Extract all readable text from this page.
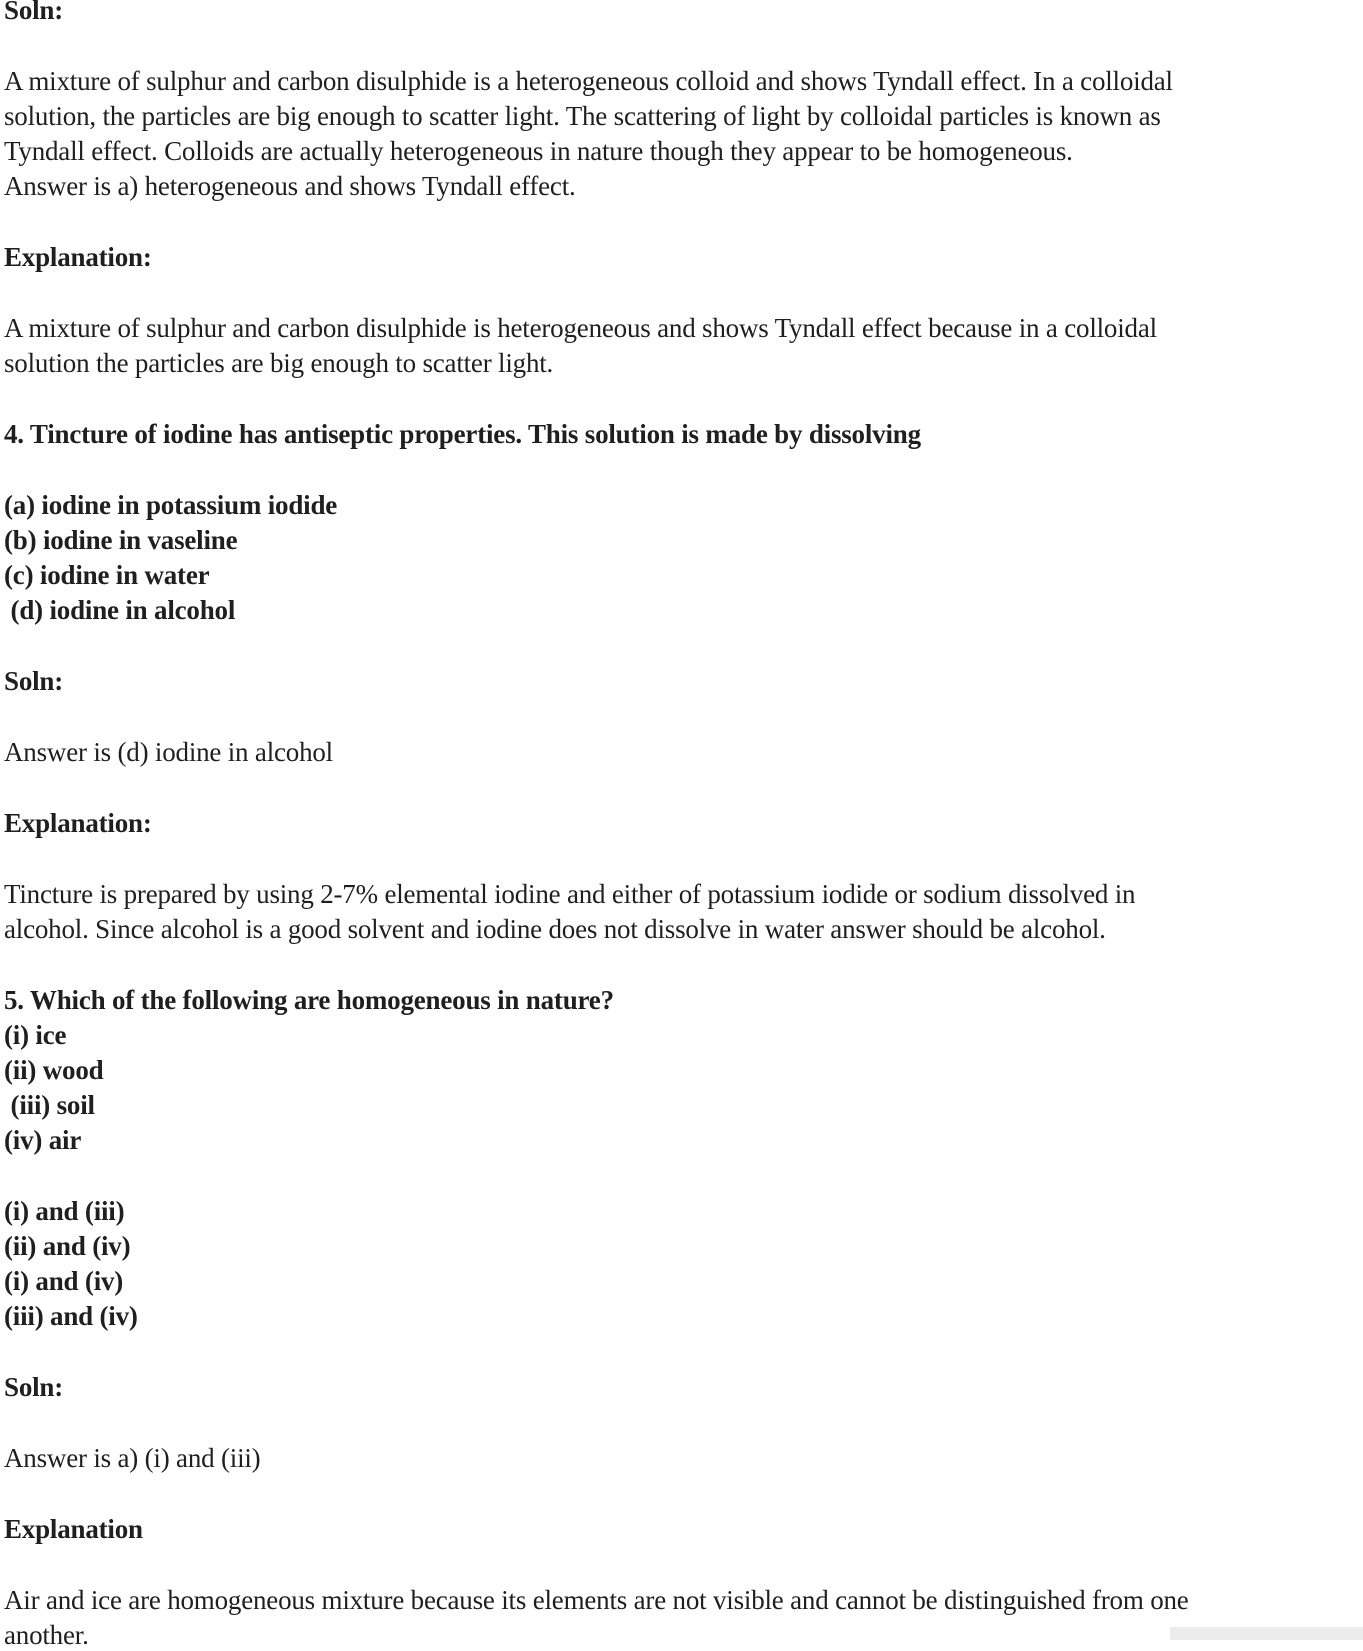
Soln:
A mixture of sulphur and carbon disulphide is a heterogeneous colloid and shows Tyndall effect. In a colloidal
solution, the particles are big enough to scatter light. The scattering of light by colloidal particles is known as
Tyndall effect. Colloids are actually heterogeneous in nature though they appear to be homogeneous.
Answer is a) heterogeneous and shows Tyndall effect.
Explanation:
A mixture of sulphur and carbon disulphide is heterogeneous and shows Tyndall effect because in a colloidal
solution the particles are big enough to scatter light.
4. Tincture of iodine has antiseptic properties. This solution is made by dissolving
(a) iodine in potassium iodide
(b) iodine in vaseline
(c) iodine in water
(d) iodine in alcohol
Soln:
Answer is (d) iodine in alcohol
Explanation:
Tincture is prepared by using 2-7% elemental iodine and either of potassium iodide or sodium dissolved in
alcohol. Since alcohol is a good solvent and iodine does not dissolve in water answer should be alcohol.
5. Which of the following are homogeneous in nature?
(i) ice
(ii) wood
(iii) soil
(iv) air
(i) and (iii)
(ii) and (iv)
(i) and (iv)
(iii) and (iv)
Soln:
Answer is a) (i) and (iii)
Explanation
Air and ice are homogeneous mixture because its elements are not visible and cannot be distinguished from one
another.
